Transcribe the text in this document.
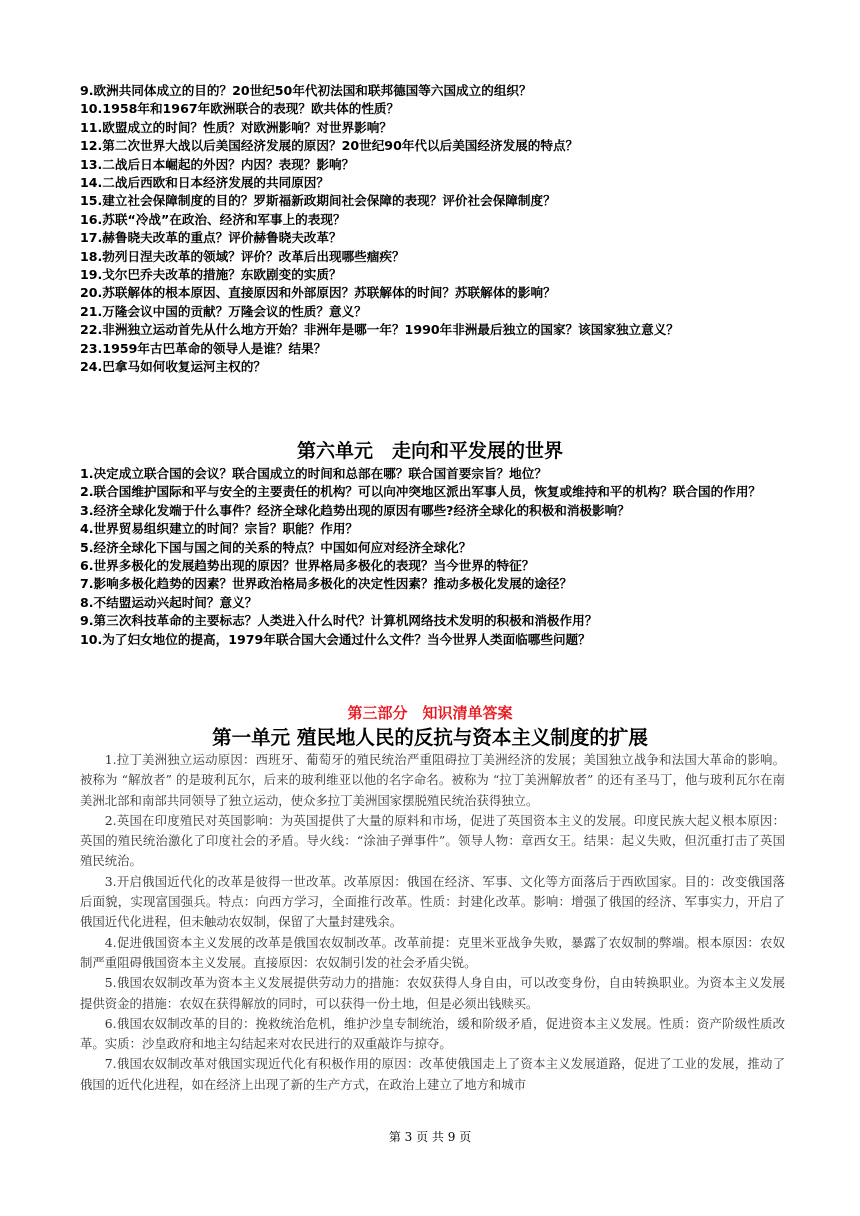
9.欧洲共同体成立的目的？20世纪50年代初法国和联邦德国等六国成立的组织？
10.1958年和1967年欧洲联合的表现？欧共体的性质？
11.欧盟成立的时间？性质？对欧洲影响？对世界影响？
12.第二次世界大战以后美国经济发展的原因？20世纪90年代以后美国经济发展的特点？
13.二战后日本崛起的外因？内因？表现？影响？
14.二战后西欧和日本经济发展的共同原因？
15.建立社会保障制度的目的？罗斯福新政期间社会保障的表现？评价社会保障制度？
16.苏联“冷战”在政治、经济和军事上的表现？
17.赫鲁晓夫改革的重点？评价赫鲁晓夫改革？
18.勃列日涅夫改革的领域？评价？改革后出现哪些痼疾？
19.戈尔巴乔夫改革的措施？东欧剧变的实质？
20.苏联解体的根本原因、直接原因和外部原因？苏联解体的时间？苏联解体的影响？
21.万隆会议中国的贡献？万隆会议的性质？意义？
22.非洲独立运动首先从什么地方开始？非洲年是哪一年？1990年非洲最后独立的国家？该国家独立意义？
23.1959年古巴革命的领导人是谁？结果？
24.巴拿马如何收复运河主权的？
第六单元　走向和平发展的世界
1.决定成立联合国的会议？联合国成立的时间和总部在哪？联合国首要宗旨？地位？
2.联合国维护国际和平与安全的主要责任的机构？可以向冲突地区派出军事人员，恢复或维持和平的机构？联合国的作用？
3.经济全球化发端于什么事件？经济全球化趋势出现的原因有哪些?经济全球化的积极和消极影响？
4.世界贸易组织建立的时间？宗旨？职能？作用？
5.经济全球化下国与国之间的关系的特点？中国如何应对经济全球化？
6.世界多极化的发展趋势出现的原因？世界格局多极化的表现？当今世界的特征？
7.影响多极化趋势的因素？世界政治格局多极化的决定性因素？推动多极化发展的途径？
8.不结盟运动兴起时间？意义？
9.第三次科技革命的主要标志？人类进入什么时代？计算机网络技术发明的积极和消极作用？
10.为了妇女地位的提高，1979年联合国大会通过什么文件？当今世界人类面临哪些问题？
第三部分　知识清单答案
第一单元 殖民地人民的反抗与资本主义制度的扩展

1.拉丁美洲独立运动原因：西班牙、葡萄牙的殖民统治严重阻碍拉丁美洲经济的发展；美国独立战争和法国大革命的影响。被称为 “解放者” 的是玻利瓦尔，后来的玻利维亚以他的名字命名。被称为 “拉丁美洲解放者” 的还有圣马丁，他与玻利瓦尔在南美洲北部和南部共同领导了独立运动，使众多拉丁美洲国家摆脱殖民统治获得独立。

2.英国在印度殖民对英国影响：为英国提供了大量的原料和市场，促进了英国资本主义的发展。印度民族大起义根本原因：英国的殖民统治激化了印度社会的矛盾。导火线：“涂油子弹事件”。领导人物：章西女王。结果：起义失败，但沉重打击了英国殖民统治。

3.开启俄国近代化的改革是彼得一世改革。改革原因：俄国在经济、军事、文化等方面落后于西欧国家。目的：改变俄国落后面貌，实现富国强兵。特点：向西方学习，全面推行改革。性质：封建化改革。影响：增强了俄国的经济、军事实力，开启了俄国近代化进程，但未触动农奴制，保留了大量封建残余。

4.促进俄国资本主义发展的改革是俄国农奴制改革。改革前提：克里米亚战争失败，暴露了农奴制的弊端。根本原因：农奴制严重阻碍俄国资本主义发展。直接原因：农奴制引发的社会矛盾尖锐。

5.俄国农奴制改革为资本主义发展提供劳动力的措施：农奴获得人身自由，可以改变身份，自由转换职业。为资本主义发展提供资金的措施：农奴在获得解放的同时，可以获得一份土地，但是必须出钱赎买。

6.俄国农奴制改革的目的：挽救统治危机，维护沙皇专制统治，缓和阶级矛盾，促进资本主义发展。性质：资产阶级性质改革。实质：沙皇政府和地主勾结起来对农民进行的双重敲诈与掠夺。

7.俄国农奴制改革对俄国实现近代化有积极作用的原因：改革使俄国走上了资本主义发展道路，促进了工业的发展，推动了俄国的近代化进程，如在经济上出现了新的生产方式，在政治上建立了地方和城市

第 3 页 共 9 页
